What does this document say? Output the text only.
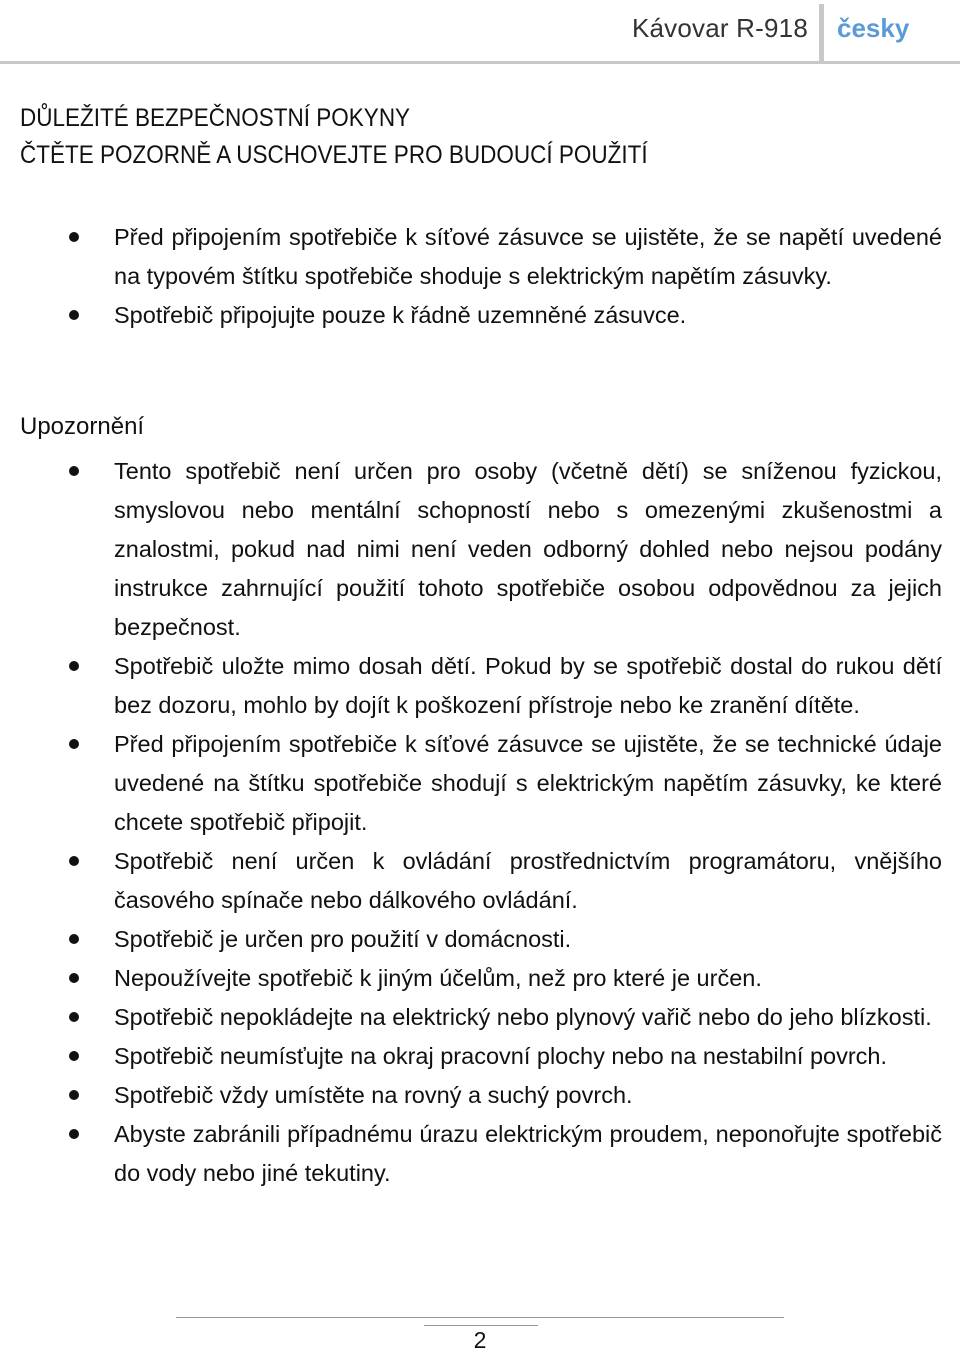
Kávovar R-918 česky
DŮLEŽITÉ BEZPEČNOSTNÍ POKYNY
ČTĚTE POZORNĚ A USCHOVEJTE PRO BUDOUCÍ POUŽITÍ
Před připojením spotřebiče k síťové zásuvce se ujistěte, že se napětí uvedené na typovém štítku spotřebiče shoduje s elektrickým napětím zásuvky.
Spotřebič připojujte pouze k řádně uzemněné zásuvce.
Upozornění
Tento spotřebič není určen pro osoby (včetně dětí) se sníženou fyzickou, smyslovou nebo mentální schopností nebo s omezenými zkušenostmi a znalostmi, pokud nad nimi není veden odborný dohled nebo nejsou podány instrukce zahrnující použití tohoto spotřebiče osobou odpovědnou za jejich bezpečnost.
Spotřebič uložte mimo dosah dětí. Pokud by se spotřebič dostal do rukou dětí bez dozoru, mohlo by dojít k poškození přístroje nebo ke zranění dítěte.
Před připojením spotřebiče k síťové zásuvce se ujistěte, že se technické údaje uvedené na štítku spotřebiče shodují s elektrickým napětím zásuvky, ke které chcete spotřebič připojit.
Spotřebič není určen k ovládání prostřednictvím programátoru, vnějšího časového spínače nebo dálkového ovládání.
Spotřebič je určen pro použití v domácnosti.
Nepoužívejte spotřebič k jiným účelům, než pro které je určen.
Spotřebič nepokládejte na elektrický nebo plynový vařič nebo do jeho blízkosti.
Spotřebič neumísťujte na okraj pracovní plochy nebo na nestabilní povrch.
Spotřebič vždy umístěte na rovný a suchý povrch.
Abyste zabránili případnému úrazu elektrickým proudem, neponořujte spotřebič do vody nebo jiné tekutiny.
2
